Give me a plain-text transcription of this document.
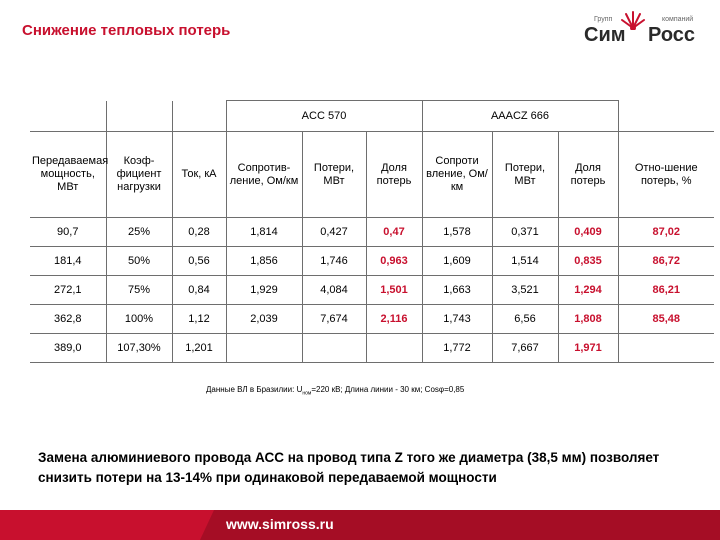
Снижение тепловых потерь
Групп	компаний
Сим Росс
			ACC 570			AAACZ 666			
Передаваемая мощность, МВт	Коэф-фициент нагрузки	Ток, кА	Сопротив-ление, Ом/км	Потери, МВт	Доля потерь	Сопроти вление, Ом/км	Потери, МВт	Доля потерь	Отно-шение потерь, %
90,7	25%	0,28	1,814	0,427	0,47	1,578	0,371	0,409	87,02
181,4	50%	0,56	1,856	1,746	0,963	1,609	1,514	0,835	86,72
272,1	75%	0,84	1,929	4,084	1,501	1,663	3,521	1,294	86,21
362,8	100%	1,12	2,039	7,674	2,116	1,743	6,56	1,808	85,48
389,0	107,30%	1,201				1,772	7,667	1,971	
Данные ВЛ в Бразилии: $U_{ном}=220$ кВ; Длина линии - 30 км; Cosφ=0,85
Замена алюминиевого провода АСС на провод типа Z того же диаметра (38,5 мм) позволяет снизить потери на 13-14% при одинаковой передаваемой мощности
www.simross.ru
